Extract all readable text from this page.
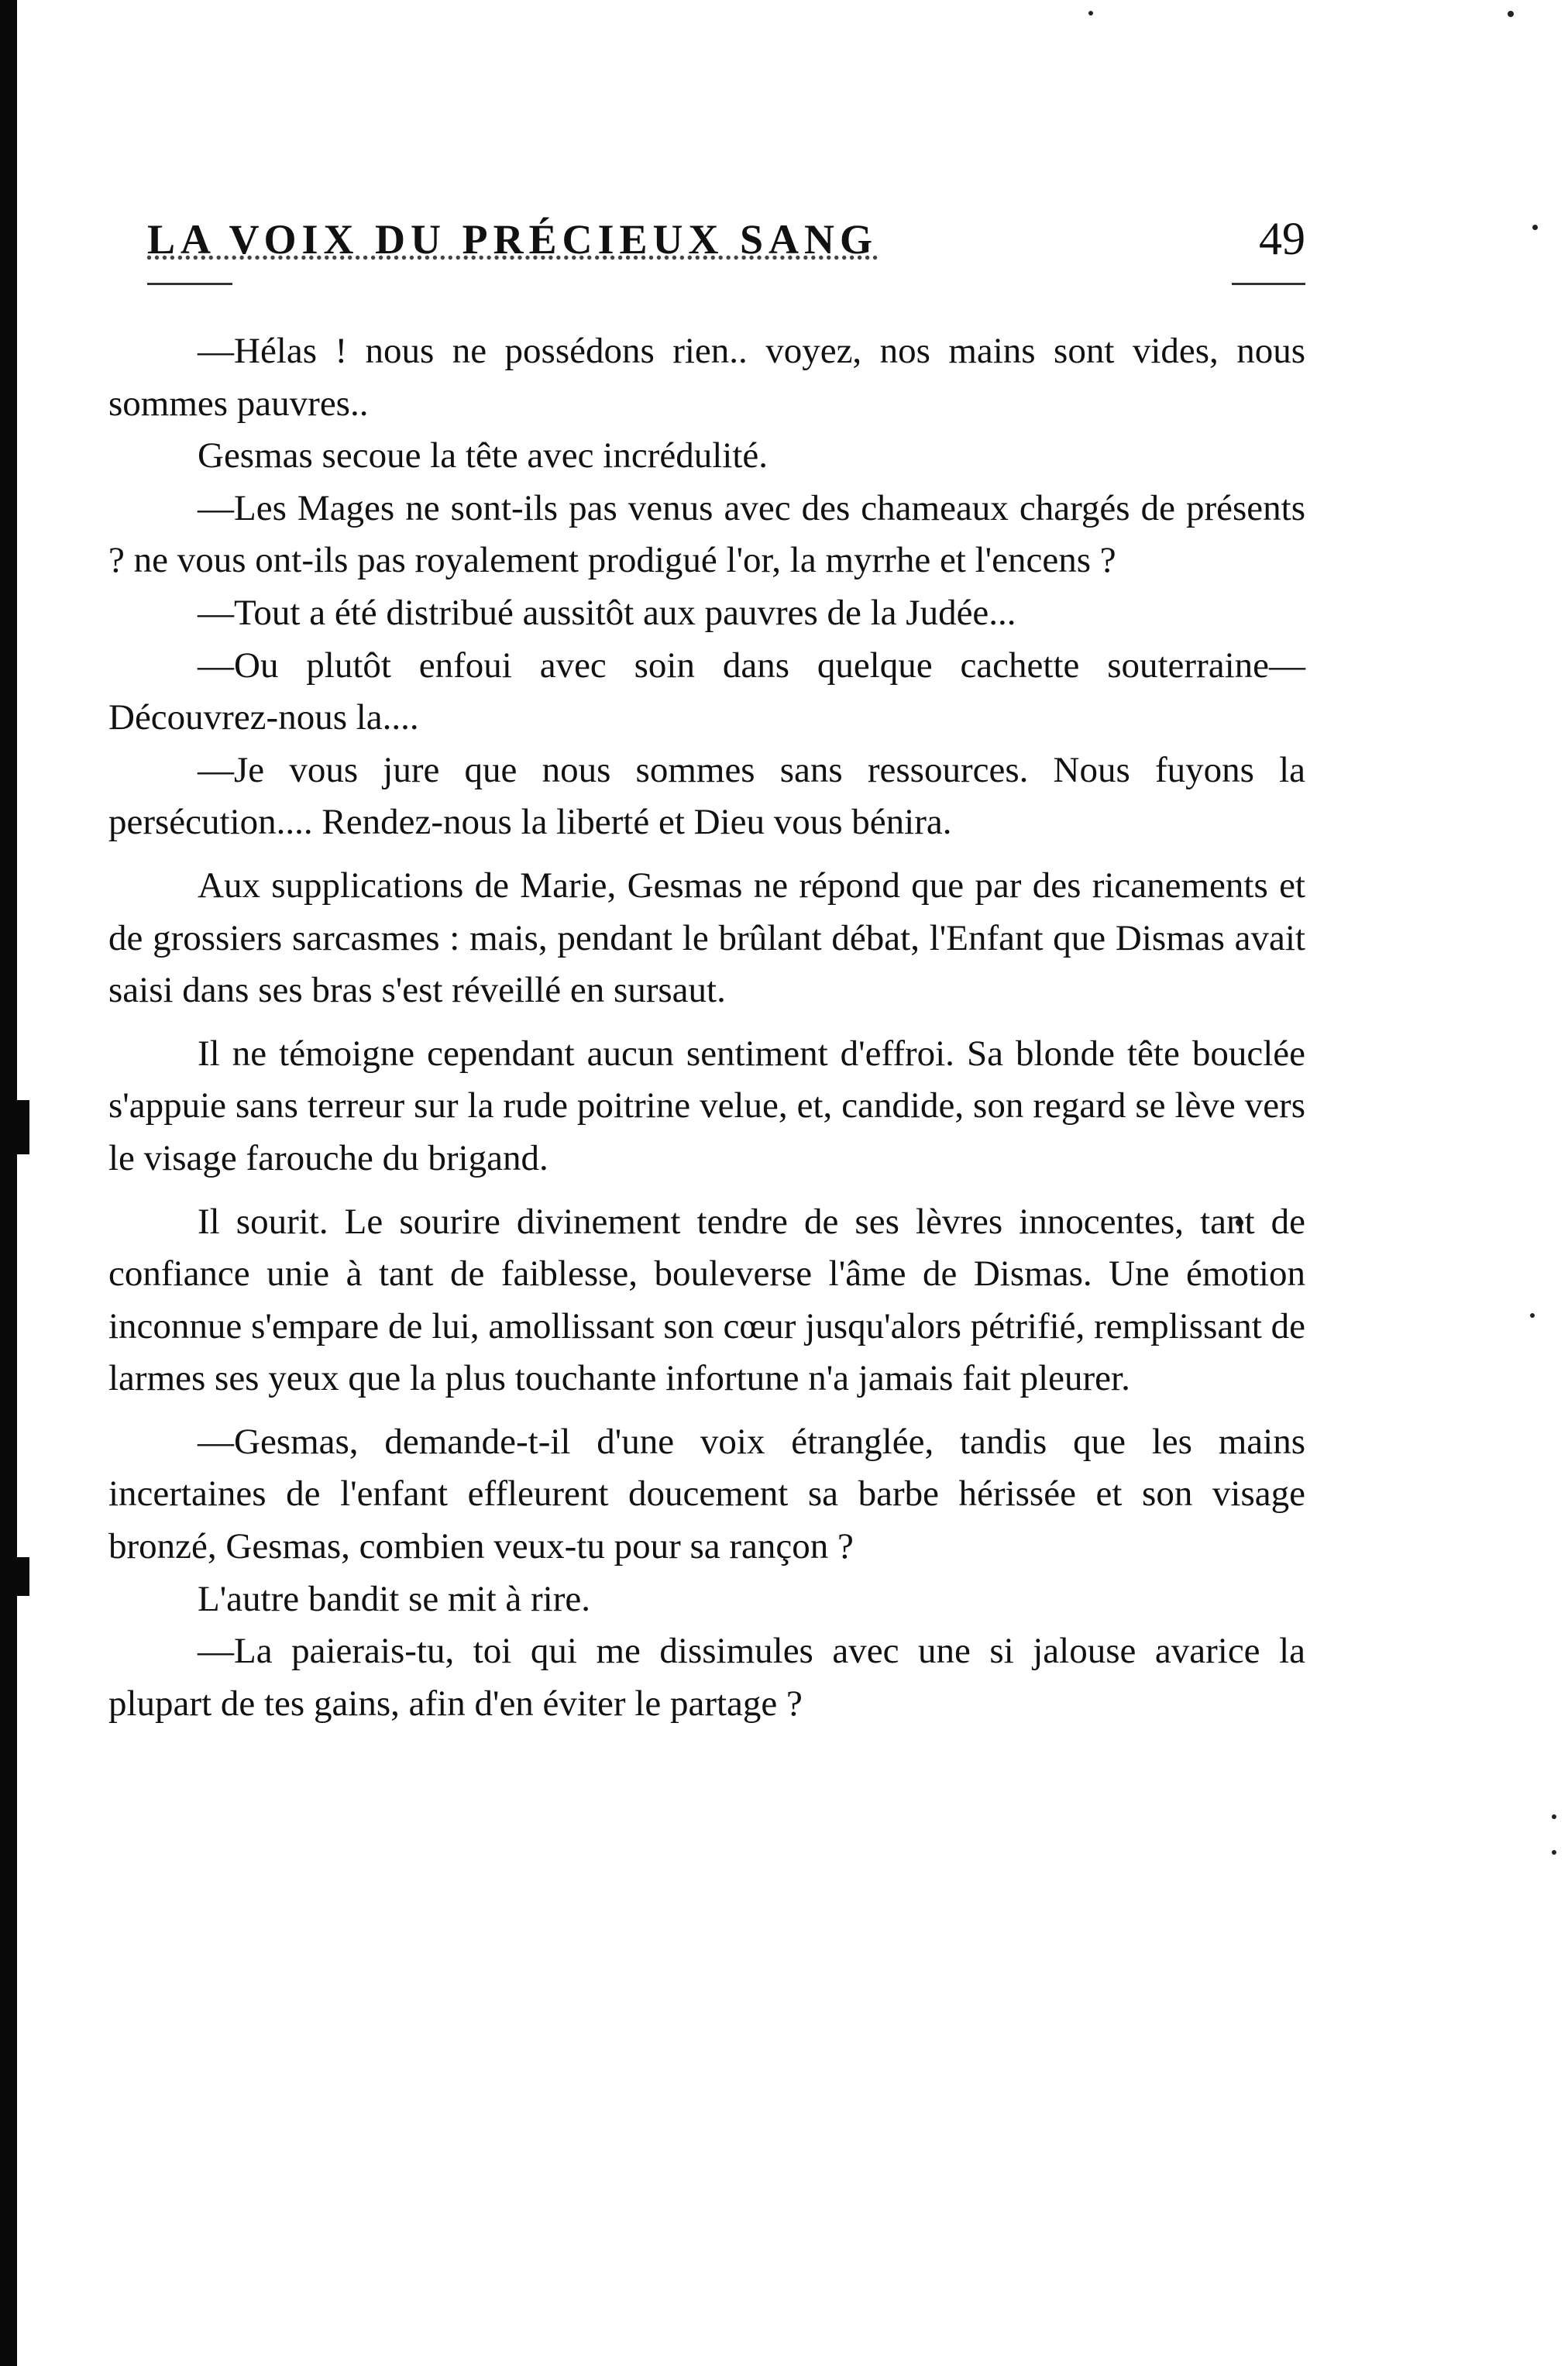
LA VOIX DU PRÉCIEUX SANG	49

—Hélas ! nous ne possédons rien.. voyez, nos mains sont vides, nous sommes pauvres..

Gesmas secoue la tête avec incrédulité.

—Les Mages ne sont-ils pas venus avec des chameaux chargés de présents ? ne vous ont-ils pas royalement prodigué l'or, la myrrhe et l'encens ?

—Tout a été distribué aussitôt aux pauvres de la Judée...

—Ou plutôt enfoui avec soin dans quelque cachette souterraine—Découvrez-nous la....

—Je vous jure que nous sommes sans ressources. Nous fuyons la persécution.... Rendez-nous la liberté et Dieu vous bénira.

Aux supplications de Marie, Gesmas ne répond que par des ricanements et de grossiers sarcasmes : mais, pendant le brûlant débat, l'Enfant que Dismas avait saisi dans ses bras s'est réveillé en sursaut.

Il ne témoigne cependant aucun sentiment d'effroi. Sa blonde tête bouclée s'appuie sans terreur sur la rude poitrine velue, et, candide, son regard se lève vers le visage farouche du brigand.

Il sourit. Le sourire divinement tendre de ses lèvres innocentes, tant de confiance unie à tant de faiblesse, bouleverse l'âme de Dismas. Une émotion inconnue s'empare de lui, amollissant son cœur jusqu'alors pétrifié, remplissant de larmes ses yeux que la plus touchante infortune n'a jamais fait pleurer.

—Gesmas, demande-t-il d'une voix étranglée, tandis que les mains incertaines de l'enfant effleurent doucement sa barbe hérissée et son visage bronzé, Gesmas, combien veux-tu pour sa rançon ?

L'autre bandit se mit à rire.

—La paierais-tu, toi qui me dissimules avec une si jalouse avarice la plupart de tes gains, afin d'en éviter le partage ?
